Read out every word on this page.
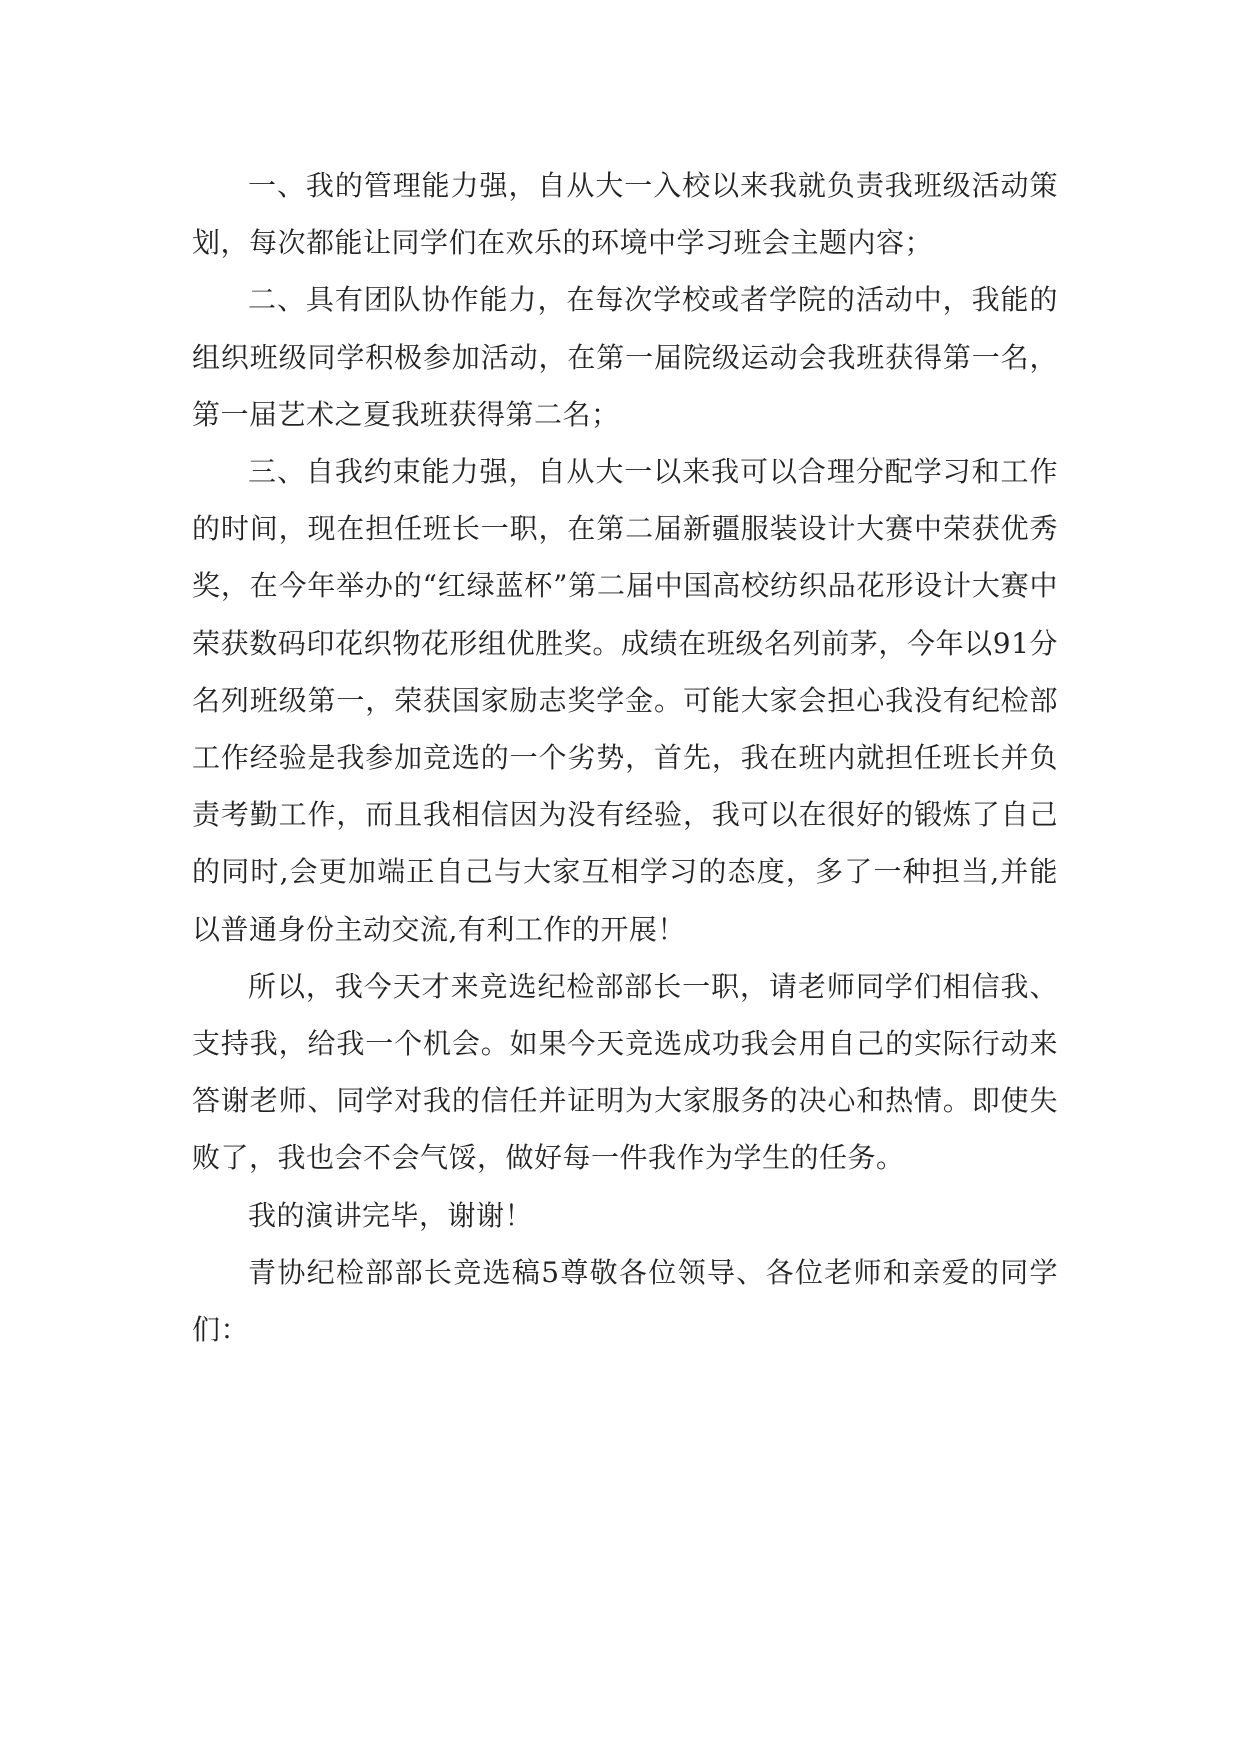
一、我的管理能力强，自从大一入校以来我就负责我班级活动策划，每次都能让同学们在欢乐的环境中学习班会主题内容；

二、具有团队协作能力，在每次学校或者学院的活动中，我能的组织班级同学积极参加活动，在第一届院级运动会我班获得第一名，第一届艺术之夏我班获得第二名；

三、自我约束能力强，自从大一以来我可以合理分配学习和工作的时间，现在担任班长一职，在第二届新疆服装设计大赛中荣获优秀奖，在今年举办的“红绿蓝杯”第二届中国高校纺织品花形设计大赛中荣获数码印花织物花形组优胜奖。成绩在班级名列前茅，今年以91分名列班级第一，荣获国家励志奖学金。可能大家会担心我没有纪检部工作经验是我参加竞选的一个劣势，首先，我在班内就担任班长并负责考勤工作，而且我相信因为没有经验，我可以在很好的锻炼了自己的同时,会更加端正自己与大家互相学习的态度，多了一种担当,并能以普通身份主动交流,有利工作的开展！

所以，我今天才来竞选纪检部部长一职，请老师同学们相信我、支持我，给我一个机会。如果今天竞选成功我会用自己的实际行动来答谢老师、同学对我的信任并证明为大家服务的决心和热情。即使失败了，我也会不会气馁，做好每一件我作为学生的任务。

我的演讲完毕，谢谢！

青协纪检部部长竞选稿5尊敬各位领导、各位老师和亲爱的同学们：
